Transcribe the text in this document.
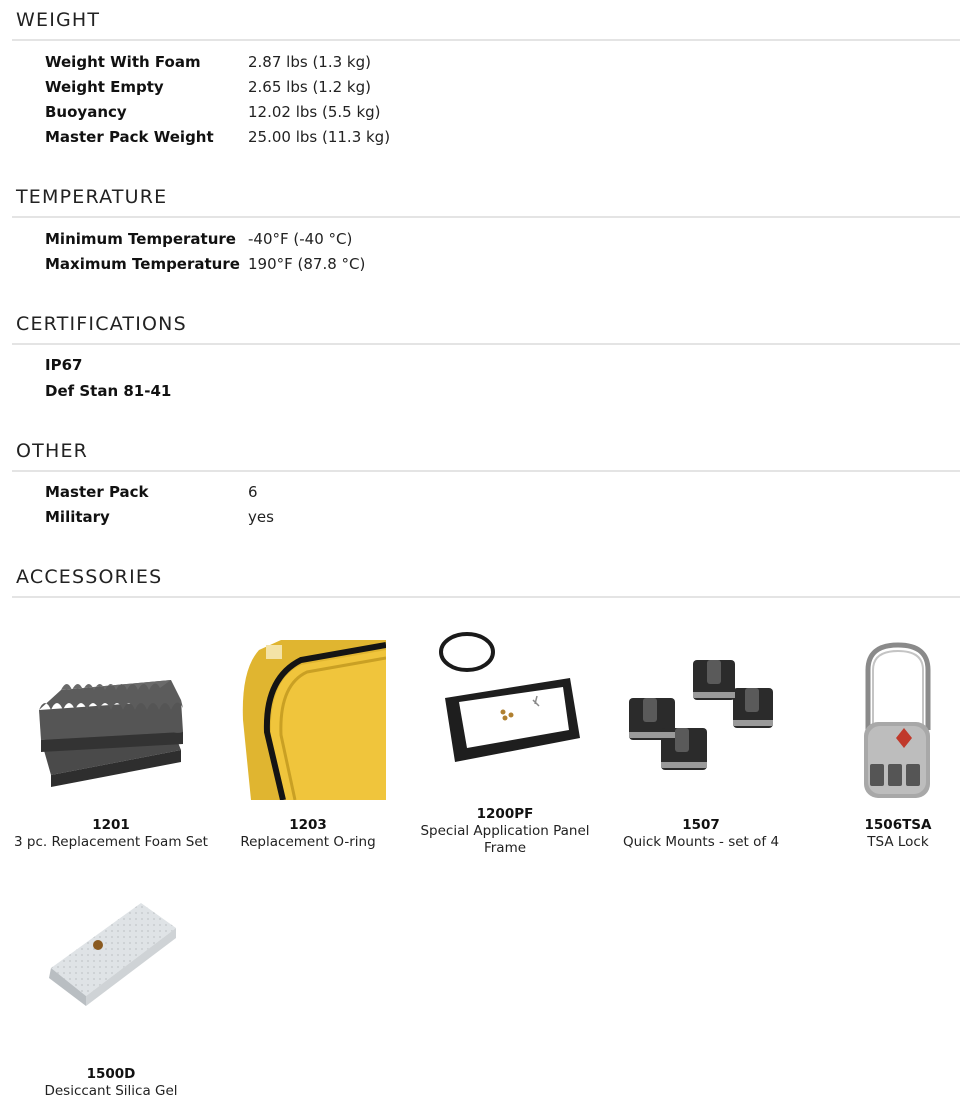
WEIGHT
Weight With Foam	2.87 lbs (1.3 kg)
Weight Empty	2.65 lbs (1.2 kg)
Buoyancy	12.02 lbs (5.5 kg)
Master Pack Weight	25.00 lbs (11.3 kg)
TEMPERATURE
Minimum Temperature -40°F (-40 °C)
Maximum Temperature 190°F (87.8 °C)
CERTIFICATIONS
IP67
Def Stan 81-41
OTHER
Master Pack	6
Military	yes
ACCESSORIES
1201
3 pc. Replacement Foam Set
1203
Replacement O-ring
1200PF
Special Application Panel Frame
1507
Quick Mounts - set of 4
1506TSA
TSA Lock
1500D
Desiccant Silica Gel
